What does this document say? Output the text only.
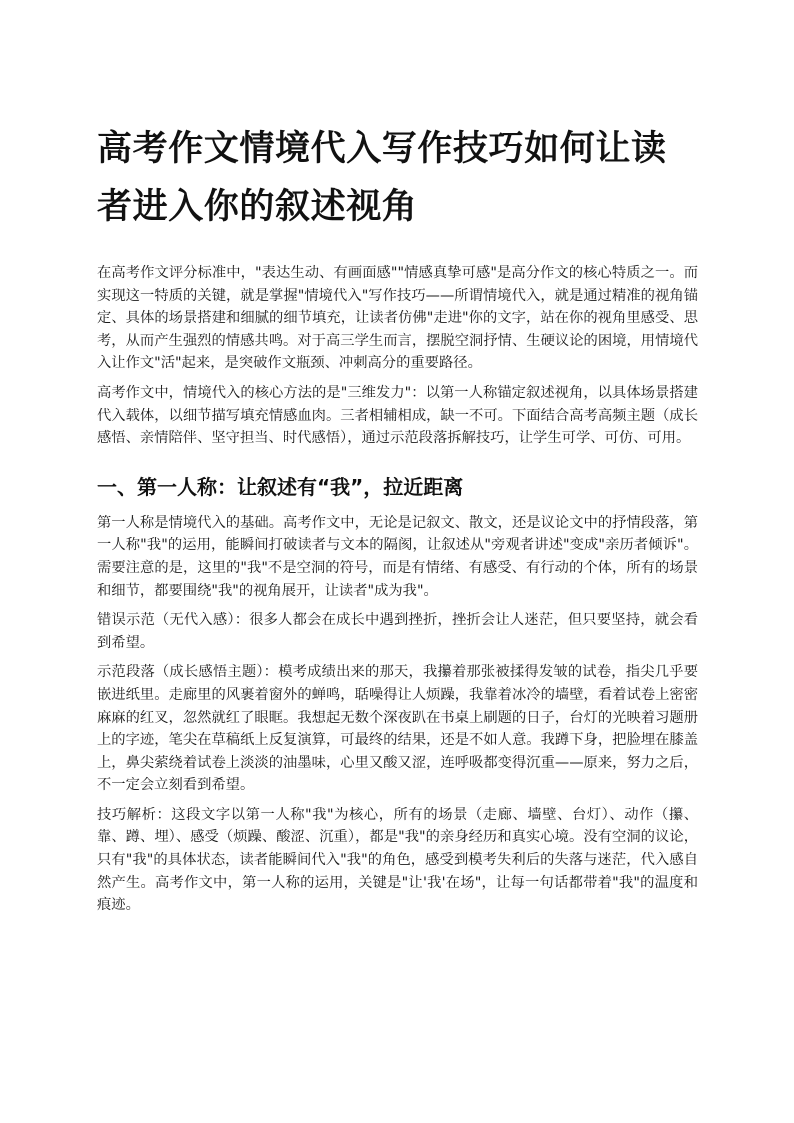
高考作文情境代入写作技巧如何让读者进入你的叙述视角

在高考作文评分标准中，"表达生动、有画面感""情感真挚可感"是高分作文的核心特质之一。而实现这一特质的关键，就是掌握"情境代入"写作技巧——所谓情境代入，就是通过精准的视角锚定、具体的场景搭建和细腻的细节填充，让读者仿佛"走进"你的文字，站在你的视角里感受、思考，从而产生强烈的情感共鸣。对于高三学生而言，摆脱空洞抒情、生硬议论的困境，用情境代入让作文"活"起来，是突破作文瓶颈、冲刺高分的重要路径。

高考作文中，情境代入的核心方法的是"三维发力"：以第一人称锚定叙述视角，以具体场景搭建代入载体，以细节描写填充情感血肉。三者相辅相成，缺一不可。下面结合高考高频主题（成长感悟、亲情陪伴、坚守担当、时代感悟），通过示范段落拆解技巧，让学生可学、可仿、可用。

一、第一人称：让叙述有“我”，拉近距离

第一人称是情境代入的基础。高考作文中，无论是记叙文、散文，还是议论文中的抒情段落，第一人称"我"的运用，能瞬间打破读者与文本的隔阂，让叙述从"旁观者讲述"变成"亲历者倾诉"。需要注意的是，这里的"我"不是空洞的符号，而是有情绪、有感受、有行动的个体，所有的场景和细节，都要围绕"我"的视角展开，让读者"成为我"。

错误示范（无代入感）：很多人都会在成长中遇到挫折，挫折会让人迷茫，但只要坚持，就会看到希望。

示范段落（成长感悟主题）：模考成绩出来的那天，我攥着那张被揉得发皱的试卷，指尖几乎要嵌进纸里。走廊里的风裹着窗外的蝉鸣，聒噪得让人烦躁，我靠着冰冷的墙壁，看着试卷上密密麻麻的红叉，忽然就红了眼眶。我想起无数个深夜趴在书桌上刷题的日子，台灯的光映着习题册上的字迹，笔尖在草稿纸上反复演算，可最终的结果，还是不如人意。我蹲下身，把脸埋在膝盖上，鼻尖萦绕着试卷上淡淡的油墨味，心里又酸又涩，连呼吸都变得沉重——原来，努力之后，不一定会立刻看到希望。

技巧解析：这段文字以第一人称"我"为核心，所有的场景（走廊、墙壁、台灯）、动作（攥、靠、蹲、埋）、感受（烦躁、酸涩、沉重），都是"我"的亲身经历和真实心境。没有空洞的议论，只有"我"的具体状态，读者能瞬间代入"我"的角色，感受到模考失利后的失落与迷茫，代入感自然产生。高考作文中，第一人称的运用，关键是"让'我'在场"，让每一句话都带着"我"的温度和痕迹。
